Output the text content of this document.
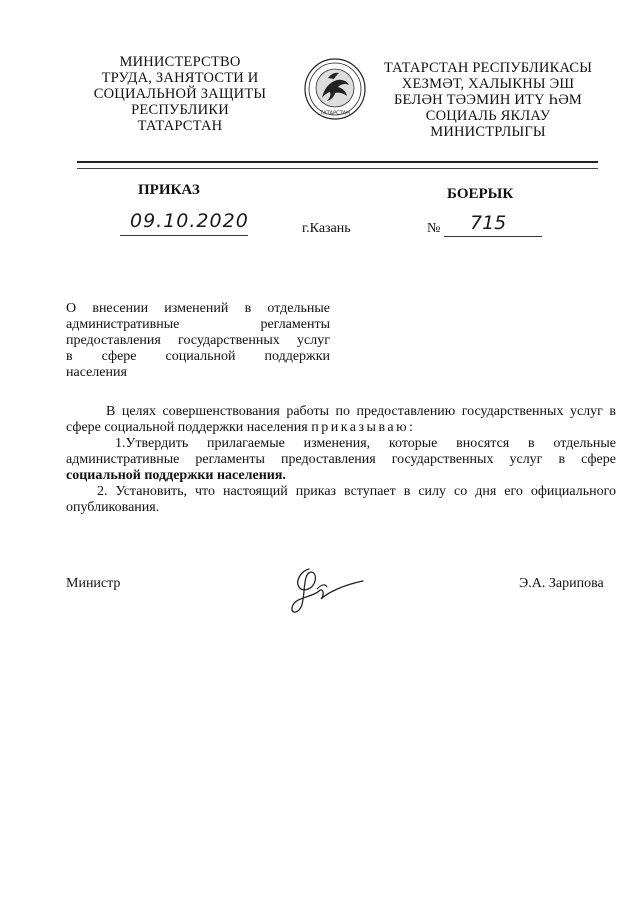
МИНИСТЕРСТВО
ТРУДА, ЗАНЯТОСТИ И
СОЦИАЛЬНОЙ ЗАЩИТЫ
РЕСПУБЛИКИ
ТАТАРСТАН
ТАТАРСТАН
ТАТАРСТАН РЕСПУБЛИКАСЫ
ХЕЗМӘТ, ХАЛЫКНЫ ЭШ
БЕЛӘН ТӘЭМИН ИТҮ ҺӘМ
СОЦИАЛЬ ЯКЛАУ
МИНИСТРЛЫГЫ
ПРИКАЗ	БОЕРЫК
09.10.2020	г.Казань	№ 715
О внесении изменений в отдельные
административные регламенты
предоставления государственных услуг
в сфере социальной поддержки
населения
В целях совершенствования работы по предоставлению государственных услуг в сфере социальной поддержки населения приказываю:
1.Утвердить прилагаемые изменения, которые вносятся в отдельные административные регламенты предоставления государственных услуг в сфере социальной поддержки населения.
2. Установить, что настоящий приказ вступает в силу со дня его официального опубликования.
Министр	Э.А. Зарипова
